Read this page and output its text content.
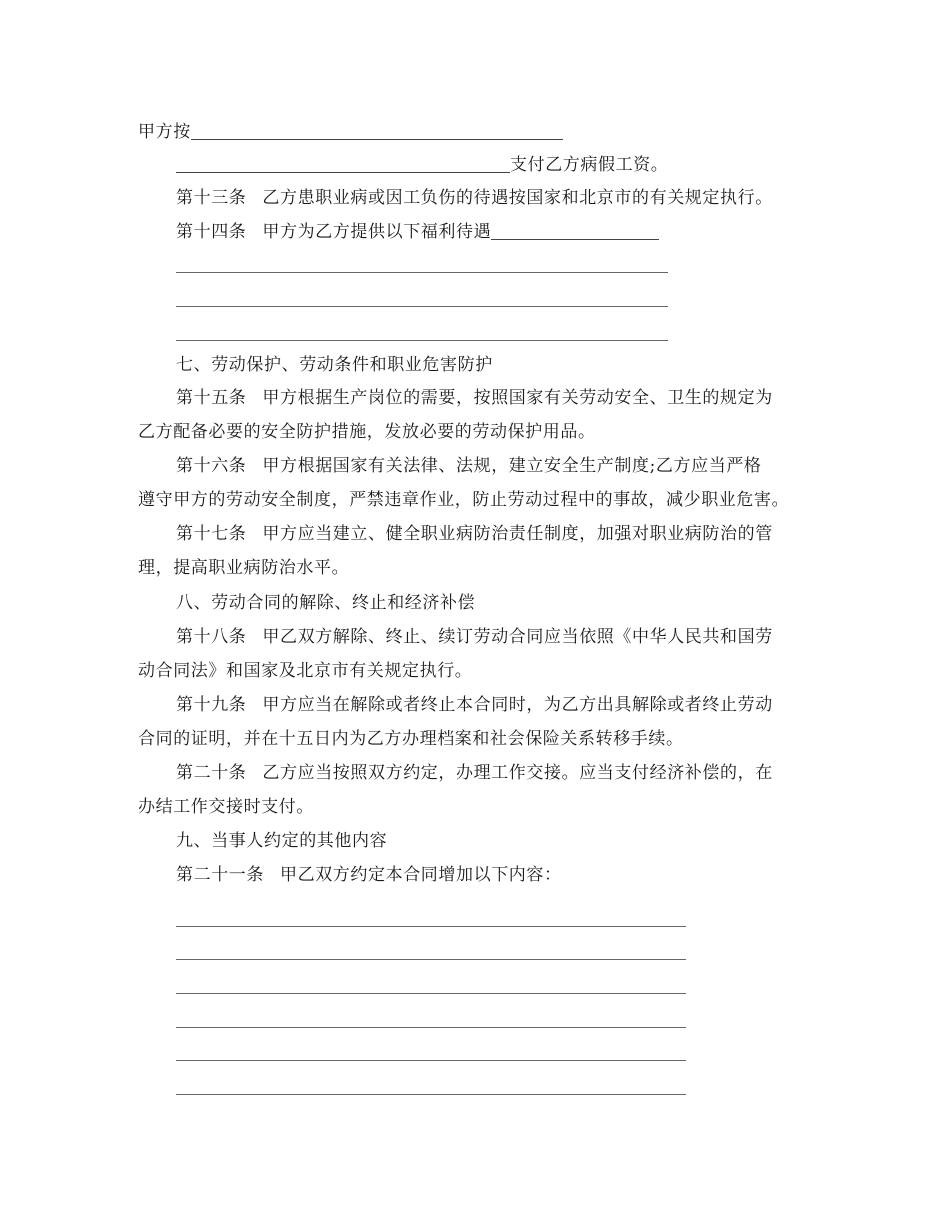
甲方按
支付乙方病假工资。
第十三条 乙方患职业病或因工负伤的待遇按国家和北京市的有关规定执行。
第十四条 甲方为乙方提供以下福利待遇
七、劳动保护、劳动条件和职业危害防护
第十五条 甲方根据生产岗位的需要，按照国家有关劳动安全、卫生的规定为
乙方配备必要的安全防护措施，发放必要的劳动保护用品。
第十六条 甲方根据国家有关法律、法规，建立安全生产制度;乙方应当严格
遵守甲方的劳动安全制度，严禁违章作业，防止劳动过程中的事故，减少职业危害。
第十七条 甲方应当建立、健全职业病防治责任制度，加强对职业病防治的管
理，提高职业病防治水平。
八、劳动合同的解除、终止和经济补偿
第十八条 甲乙双方解除、终止、续订劳动合同应当依照《中华人民共和国劳
动合同法》和国家及北京市有关规定执行。
第十九条 甲方应当在解除或者终止本合同时，为乙方出具解除或者终止劳动
合同的证明，并在十五日内为乙方办理档案和社会保险关系转移手续。
第二十条 乙方应当按照双方约定，办理工作交接。应当支付经济补偿的，在
办结工作交接时支付。
九、当事人约定的其他内容
第二十一条 甲乙双方约定本合同增加以下内容：
